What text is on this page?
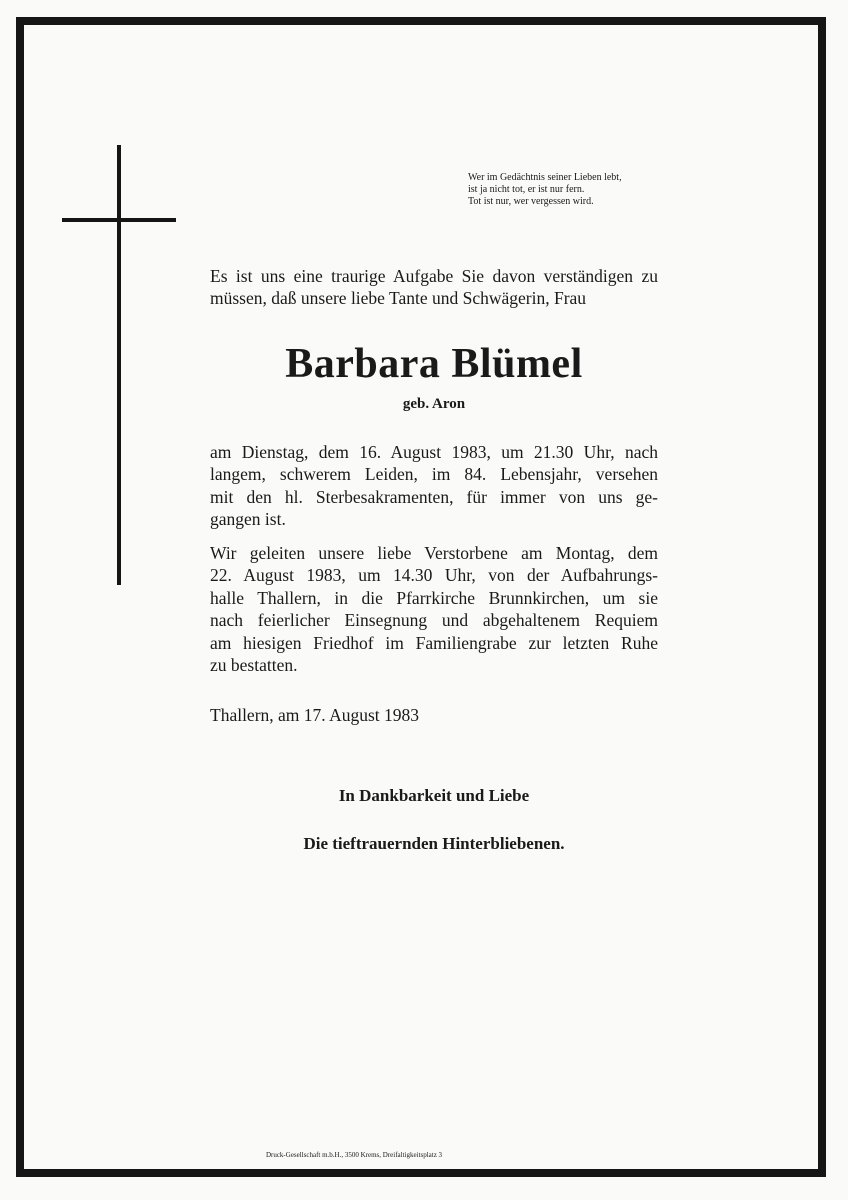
Wer im Gedächtnis seiner Lieben lebt,
ist ja nicht tot, er ist nur fern.
Tot ist nur, wer vergessen wird.
Es ist uns eine traurige Aufgabe Sie davon verständigen zu
müssen, daß unsere liebe Tante und Schwägerin, Frau
Barbara Blümel
geb. Aron
am Dienstag, dem 16. August 1983, um 21.30 Uhr, nach
langem, schwerem Leiden, im 84. Lebensjahr, versehen
mit den hl. Sterbesakramenten, für immer von uns ge-
gangen ist.
Wir geleiten unsere liebe Verstorbene am Montag, dem
22. August 1983, um 14.30 Uhr, von der Aufbahrungs-
halle Thallern, in die Pfarrkirche Brunnkirchen, um sie
nach feierlicher Einsegnung und abgehaltenem Requiem
am hiesigen Friedhof im Familiengrabe zur letzten Ruhe
zu bestatten.
Thallern, am 17. August 1983
In Dankbarkeit und Liebe
Die tieftrauernden Hinterbliebenen.
Druck-Gesellschaft m.b.H., 3500 Krems, Dreifaltigkeitsplatz 3
